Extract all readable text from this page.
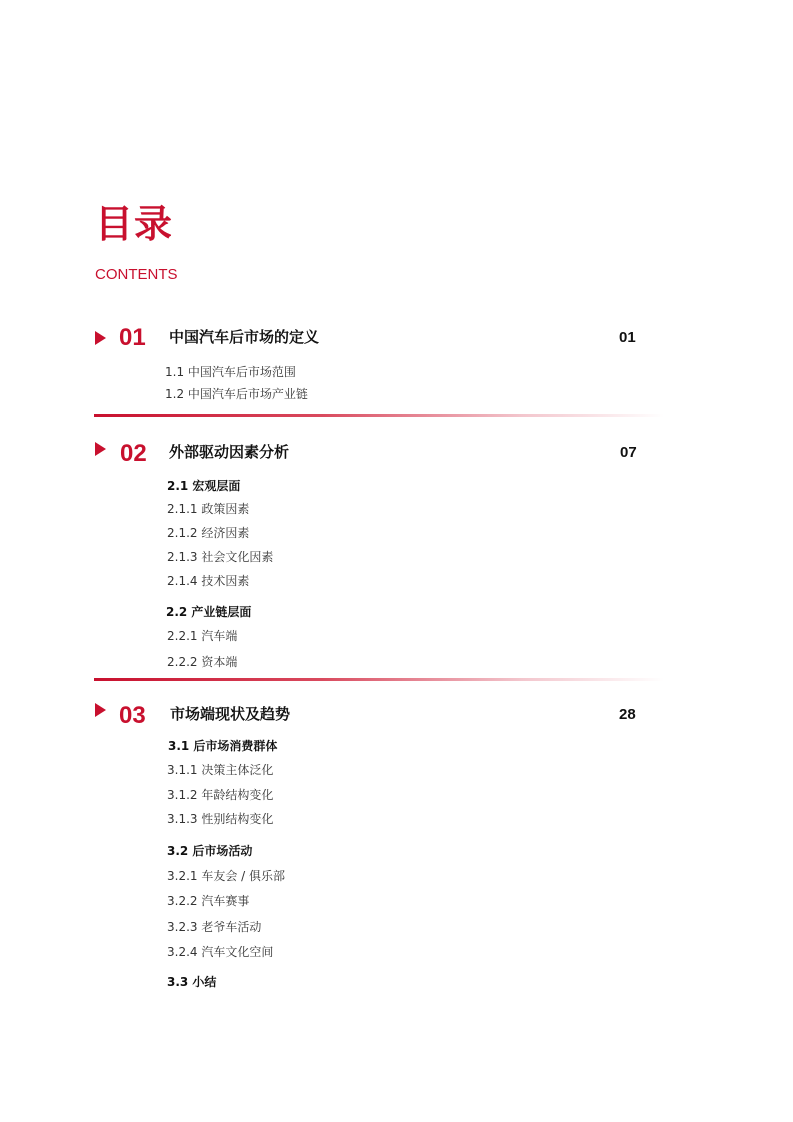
目录
CONTENTS
01 中国汽车后市场的定义	01
1.1 中国汽车后市场范围
1.2 中国汽车后市场产业链
02 外部驱动因素分析	07
2.1 宏观层面
2.1.1 政策因素
2.1.2 经济因素
2.1.3 社会文化因素
2.1.4 技术因素
2.2 产业链层面
2.2.1 汽车端
2.2.2 资本端
03 市场端现状及趋势	28
3.1 后市场消费群体
3.1.1 决策主体泛化
3.1.2 年龄结构变化
3.1.3 性别结构变化
3.2 后市场活动
3.2.1 车友会 / 俱乐部
3.2.2 汽车赛事
3.2.3 老爷车活动
3.2.4 汽车文化空间
3.3 小结
